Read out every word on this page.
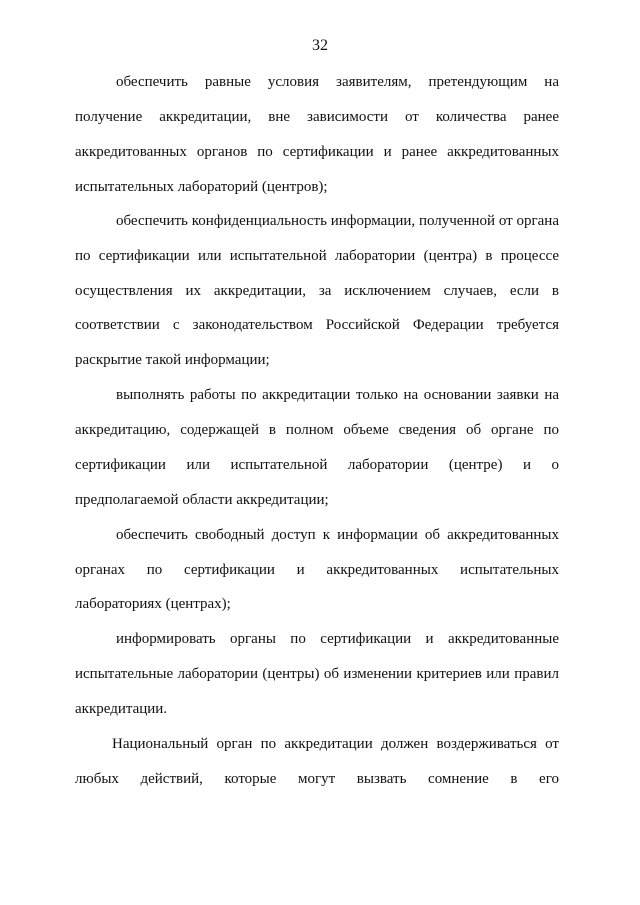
32
обеспечить равные условия заявителям, претендующим на
получение аккредитации, вне зависимости от количества ранее
аккредитованных органов по сертификации и ранее аккредитованных
испытательных лабораторий (центров);
обеспечить конфиденциальность информации, полученной от органа
по сертификации или испытательной лаборатории (центра) в процессе
осуществления их аккредитации, за исключением случаев, если в
соответствии с законодательством Российской Федерации требуется
раскрытие такой информации;
выполнять работы по аккредитации только на основании заявки на
аккредитацию, содержащей в полном объеме сведения об органе по
сертификации или испытательной лаборатории (центре) и о
предполагаемой области аккредитации;
обеспечить свободный доступ к информации об аккредитованных
органах по сертификации и аккредитованных испытательных
лабораториях (центрах);
информировать органы по сертификации и аккредитованные
испытательные лаборатории (центры) об изменении критериев или правил
аккредитации.
Национальный орган по аккредитации должен воздерживаться от
любых действий, которые могут вызвать сомнение в его
